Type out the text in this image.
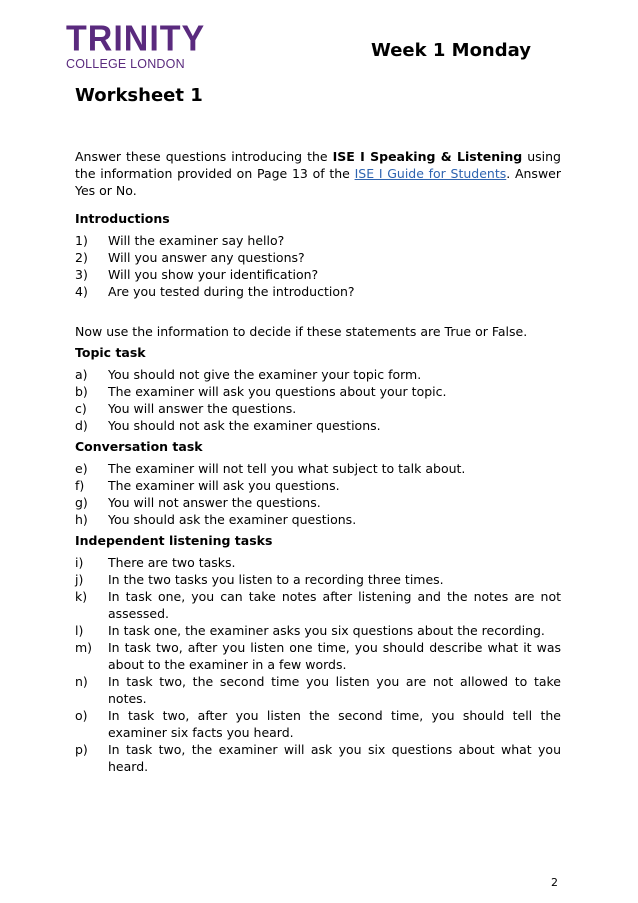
TRINITY
COLLEGE LONDON
Week 1 Monday
Worksheet 1
Answer these questions introducing the ISE I Speaking & Listening using the information provided on Page 13 of the ISE I Guide for Students. Answer Yes or No.
Introductions
1)	Will the examiner say hello?
2)	Will you answer any questions?
3)	Will you show your identification?
4)	Are you tested during the introduction?
Now use the information to decide if these statements are True or False.
Topic task
a)	You should not give the examiner your topic form.
b)	The examiner will ask you questions about your topic.
c)	You will answer the questions.
d)	You should not ask the examiner questions.
Conversation task
e)	The examiner will not tell you what subject to talk about.
f)	The examiner will ask you questions.
g)	You will not answer the questions.
h)	You should ask the examiner questions.
Independent listening tasks
i)	There are two tasks.
j)	In the two tasks you listen to a recording three times.
k)	In task one, you can take notes after listening and the notes are not assessed.
l)	In task one, the examiner asks you six questions about the recording.
m)	In task two, after you listen one time, you should describe what it was about to the examiner in a few words.
n)	In task two, the second time you listen you are not allowed to take notes.
o)	In task two, after you listen the second time, you should tell the examiner six facts you heard.
p)	In task two, the examiner will ask you six questions about what you heard.
2
